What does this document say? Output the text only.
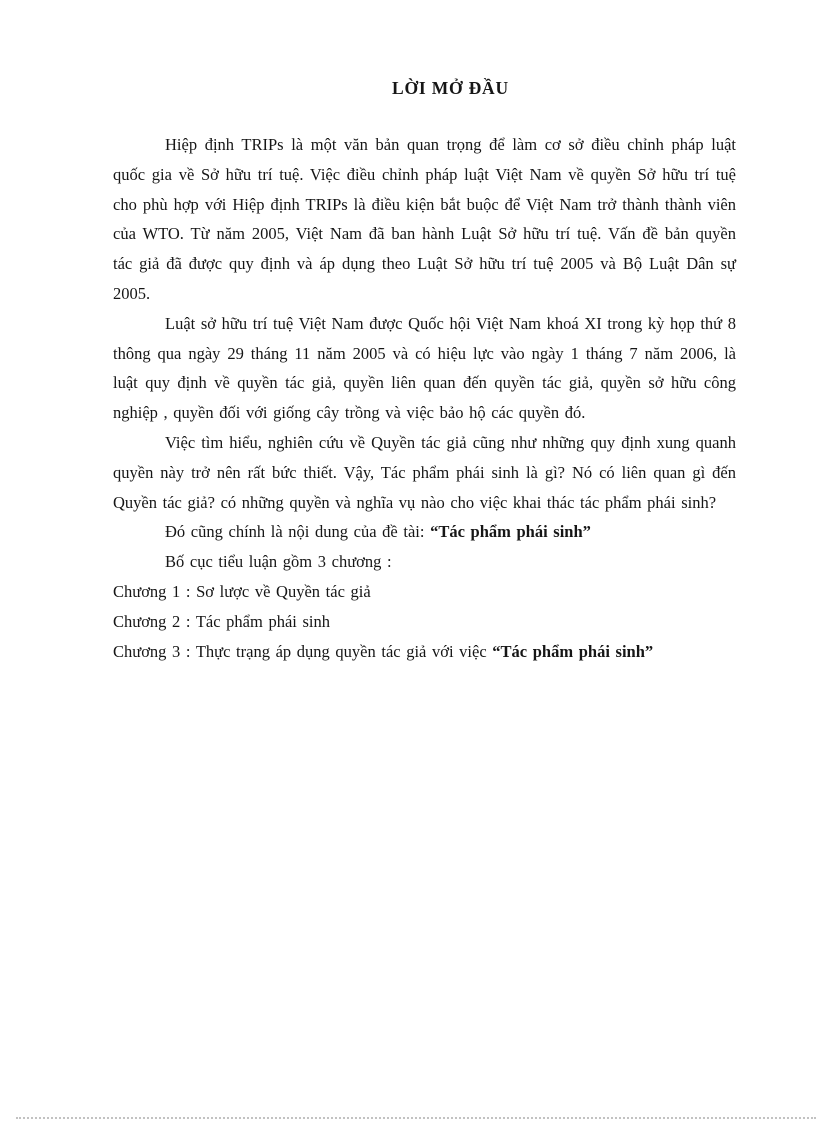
LỜI MỞ ĐẦU

Hiệp định TRIPs là một văn bản quan trọng để làm cơ sở điều chỉnh pháp luật quốc gia về Sở hữu trí tuệ. Việc điều chỉnh pháp luật Việt Nam về quyền Sở hữu trí tuệ cho phù hợp với Hiệp định TRIPs là điều kiện bắt buộc để Việt Nam trở thành thành viên của WTO. Từ năm 2005, Việt Nam đã ban hành Luật Sở hữu trí tuệ. Vấn đề bản quyền tác giả đã được quy định và áp dụng theo Luật Sở hữu trí tuệ 2005 và Bộ Luật Dân sự 2005.

Luật sở hữu trí tuệ Việt Nam được Quốc hội Việt Nam khoá XI trong kỳ họp thứ 8 thông qua ngày 29 tháng 11 năm 2005 và có hiệu lực vào ngày 1 tháng 7 năm 2006, là luật quy định về quyền tác giả, quyền liên quan đến quyền tác giả, quyền sở hữu công nghiệp , quyền đối với giống cây trồng và việc bảo hộ các quyền đó.

Việc tìm hiểu, nghiên cứu về Quyền tác giả cũng như những quy định xung quanh quyền này trở nên rất bức thiết. Vậy, Tác phẩm phái sinh là gì? Nó có liên quan gì đến Quyền tác giả? có những quyền và nghĩa vụ nào cho việc khai thác tác phẩm phái sinh?

Đó cũng chính là nội dung của đề tài: “Tác phẩm phái sinh”

Bố cục tiểu luận gồm 3 chương :

Chương 1 : Sơ lược về Quyền tác giả

Chương 2 : Tác phẩm phái sinh

Chương 3 : Thực trạng áp dụng quyền tác giả với việc “Tác phẩm phái sinh”
